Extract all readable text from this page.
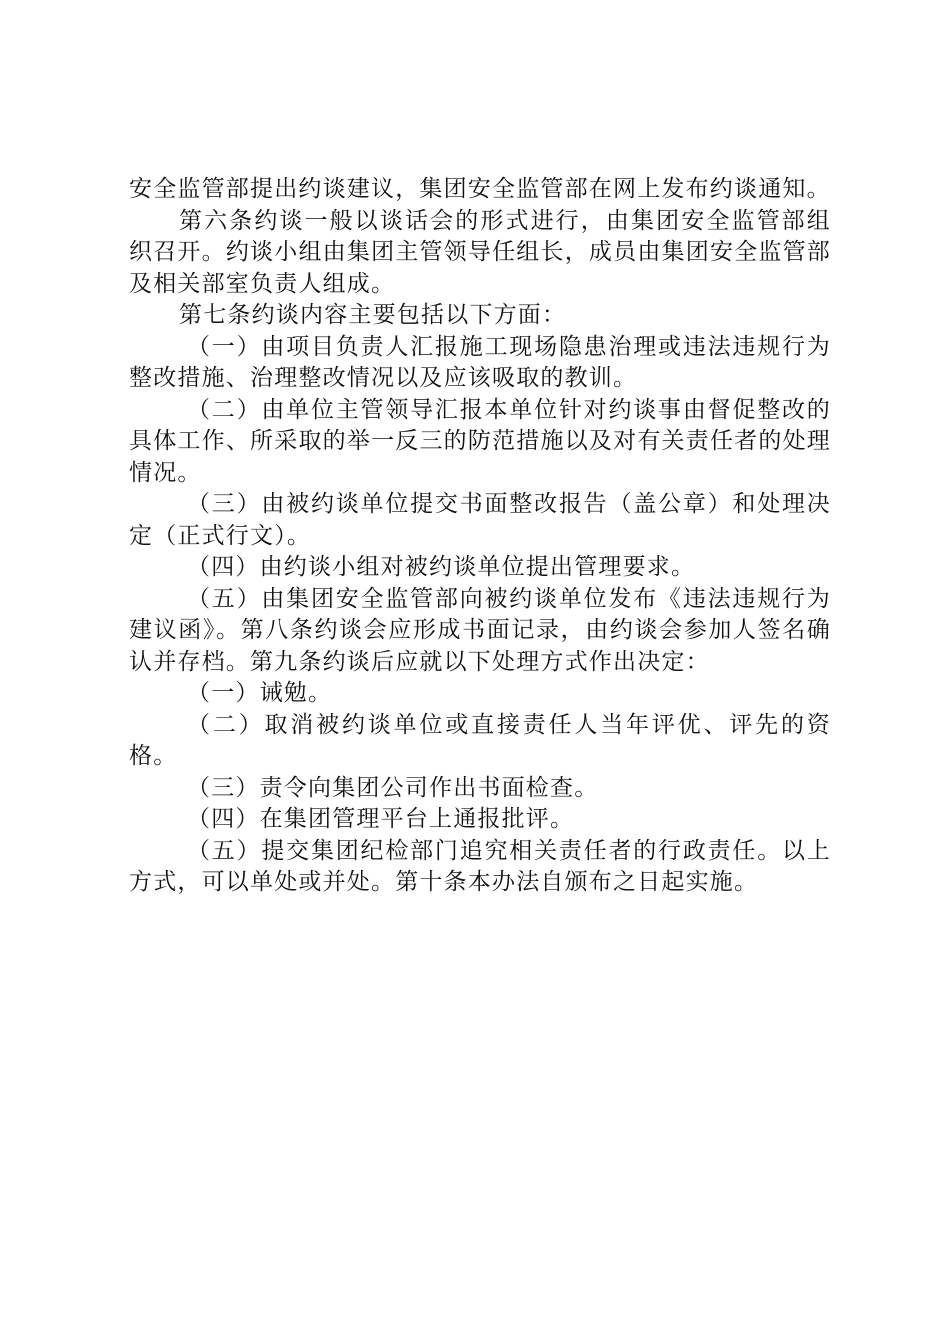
安全监管部提出约谈建议，集团安全监管部在网上发布约谈通知。

第六条约谈一般以谈话会的形式进行，由集团安全监管部组织召开。约谈小组由集团主管领导任组长，成员由集团安全监管部及相关部室负责人组成。

第七条约谈内容主要包括以下方面：

（一）由项目负责人汇报施工现场隐患治理或违法违规行为整改措施、治理整改情况以及应该吸取的教训。

（二）由单位主管领导汇报本单位针对约谈事由督促整改的具体工作、所采取的举一反三的防范措施以及对有关责任者的处理情况。

（三）由被约谈单位提交书面整改报告（盖公章）和处理决定（正式行文）。

（四）由约谈小组对被约谈单位提出管理要求。

（五）由集团安全监管部向被约谈单位发布《违法违规行为建议函》。第八条约谈会应形成书面记录，由约谈会参加人签名确认并存档。第九条约谈后应就以下处理方式作出决定：

（一）诫勉。

（二）取消被约谈单位或直接责任人当年评优、评先的资格。

（三）责令向集团公司作出书面检查。

（四）在集团管理平台上通报批评。

（五）提交集团纪检部门追究相关责任者的行政责任。以上方式，可以单处或并处。第十条本办法自颁布之日起实施。
